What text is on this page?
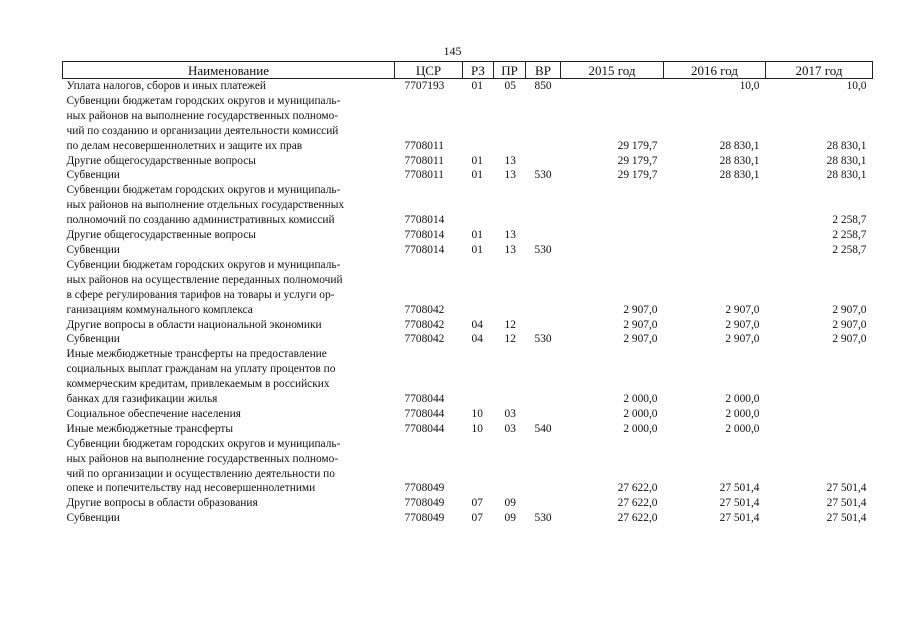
145
Наименование	ЦСР	РЗ	ПР	ВР	2015 год	2016 год	2017 год
Уплата налогов, сборов и иных платежей	7707193	01	05	850		10,0	10,0
Субвенции бюджетам городских округов и муниципаль-							
ных районов на выполнение государственных полномо-							
чий по созданию и организации деятельности комиссий							
по делам несовершеннолетних и защите их прав	7708011				29 179,7	28 830,1	28 830,1
Другие общегосударственные вопросы	7708011	01	13		29 179,7	28 830,1	28 830,1
Субвенции	7708011	01	13	530	29 179,7	28 830,1	28 830,1
Субвенции бюджетам городских округов и муниципаль-							
ных районов на выполнение отдельных государственных							
полномочий по созданию административных комиссий	7708014						2 258,7
Другие общегосударственные вопросы	7708014	01	13				2 258,7
Субвенции	7708014	01	13	530			2 258,7
Субвенции бюджетам городских округов и муниципаль-							
ных районов на осуществление переданных полномочий							
в сфере регулирования тарифов на товары и услуги ор-							
ганизациям коммунального комплекса	7708042				2 907,0	2 907,0	2 907,0
Другие вопросы в области национальной экономики	7708042	04	12		2 907,0	2 907,0	2 907,0
Субвенции	7708042	04	12	530	2 907,0	2 907,0	2 907,0
Иные межбюджетные трансферты на предоставление							
социальных выплат гражданам на уплату процентов по							
коммерческим кредитам, привлекаемым в российских							
банках для газификации жилья	7708044				2 000,0	2 000,0	
Социальное обеспечение населения	7708044	10	03		2 000,0	2 000,0	
Иные межбюджетные трансферты	7708044	10	03	540	2 000,0	2 000,0	
Субвенции бюджетам городских округов и муниципаль-							
ных районов на выполнение государственных полномо-							
чий по организации и осуществлению деятельности по							
опеке и попечительству над несовершеннолетними	7708049				27 622,0	27 501,4	27 501,4
Другие вопросы в области образования	7708049	07	09		27 622,0	27 501,4	27 501,4
Субвенции	7708049	07	09	530	27 622,0	27 501,4	27 501,4
